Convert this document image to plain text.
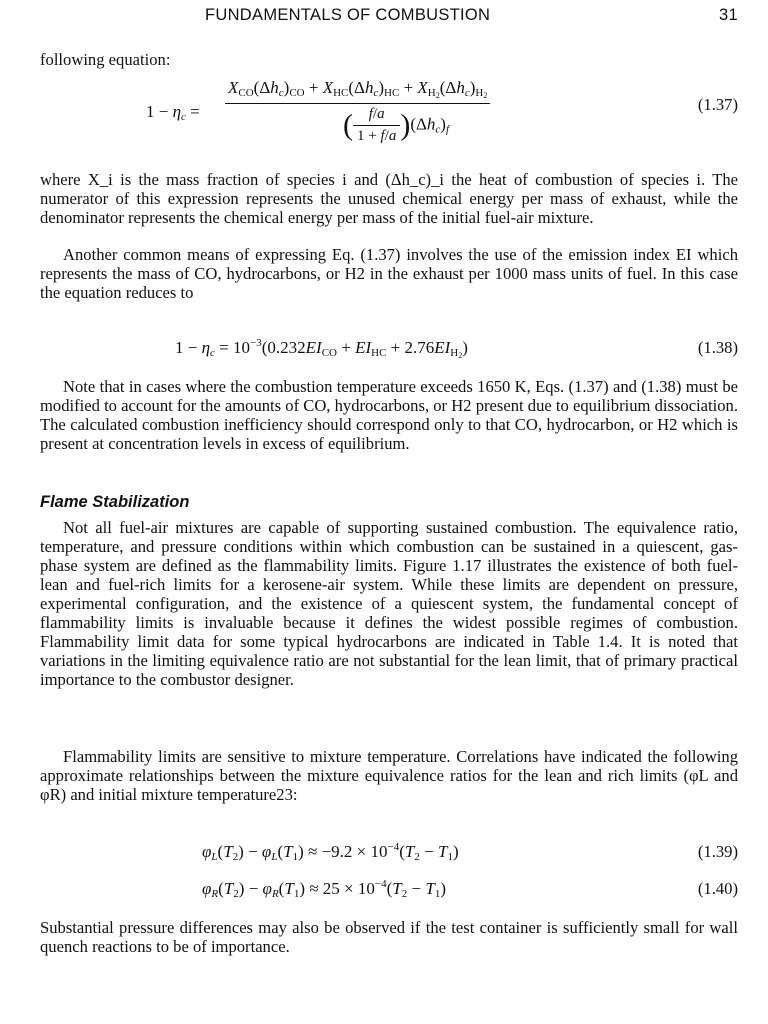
FUNDAMENTALS OF COMBUSTION	31

following equation:

$1 - \eta_c$ =
$X_{CO}(\Delta h_c)_{CO} + X_{HC}(\Delta h_c)_{HC} + X_{H2}(\Delta h_c)_{H2}$
( $\frac{f/a}{1 + f/a} )(\Delta h_c)_f$
(1.37)

where X_i is the mass fraction of species i and (Δh_c)_i the heat of combustion of species i. The numerator of this expression represents the unused chemical energy per mass of exhaust, while the denominator represents the chemical energy per mass of the initial fuel-air mixture.

Another common means of expressing Eq. (1.37) involves the use of the emission index EI which represents the mass of CO, hydrocarbons, or H2 in the exhaust per 1000 mass units of fuel. In this case the equation reduces to

$1 - \eta_c = 10^{-3}(0.232EI_{CO} + EI_{HC} + 2.76EI_{H2})$	(1.38)

Note that in cases where the combustion temperature exceeds 1650 K, Eqs. (1.37) and (1.38) must be modified to account for the amounts of CO, hydrocarbons, or H2 present due to equilibrium dissociation. The calculated combustion inefficiency should correspond only to that CO, hydrocarbon, or H2 which is present at concentration levels in excess of equilibrium.

Flame Stabilization

Not all fuel-air mixtures are capable of supporting sustained combustion. The equivalence ratio, temperature, and pressure conditions within which combustion can be sustained in a quiescent, gas-phase system are defined as the flammability limits. Figure 1.17 illustrates the existence of both fuel-lean and fuel-rich limits for a kerosene-air system. While these limits are dependent on pressure, experimental configuration, and the existence of a quiescent system, the fundamental concept of flammability limits is invaluable because it defines the widest possible regimes of combustion. Flammability limit data for some typical hydrocarbons are indicated in Table 1.4. It is noted that variations in the limiting equivalence ratio are not substantial for the lean limit, that of primary practical importance to the combustor designer.

Flammability limits are sensitive to mixture temperature. Correlations have indicated the following approximate relationships between the mixture equivalence ratios for the lean and rich limits (φL and φR) and initial mixture temperature23:

$\varphi_L(T_2) - \varphi_L(T_1) \approx -9.2 \times 10^{-4}(T_2 - T_1)$	(1.39)
$\varphi_R(T_2) - \varphi_R(T_1) \approx 25 \times 10^{-4}(T_2 - T_1)$	(1.40)

Substantial pressure differences may also be observed if the test container is sufficiently small for wall quench reactions to be of importance.
